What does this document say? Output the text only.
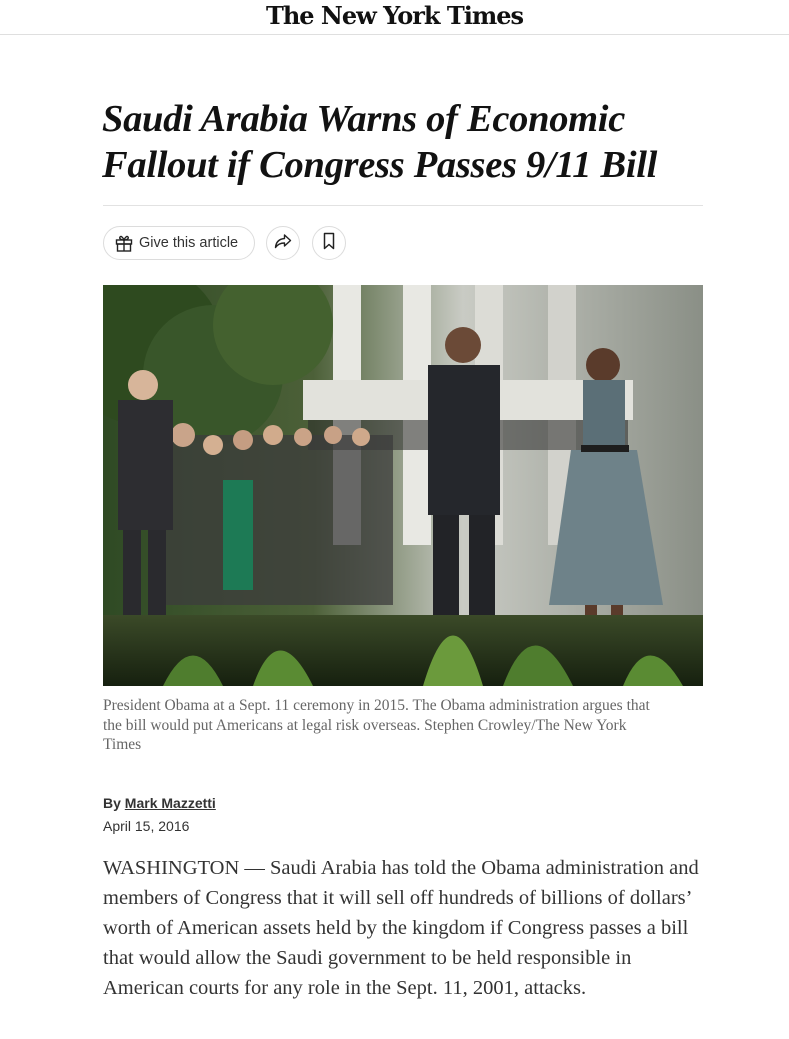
The New York Times
Saudi Arabia Warns of Economic Fallout if Congress Passes 9/11 Bill
Give this article

President Obama at a Sept. 11 ceremony in 2015. The Obama administration argues that the bill would put Americans at legal risk overseas. Stephen Crowley/The New York Times

By Mark Mazzetti
April 15, 2016

WASHINGTON — Saudi Arabia has told the Obama administration and members of Congress that it will sell off hundreds of billions of dollars’ worth of American assets held by the kingdom if Congress passes a bill that would allow the Saudi government to be held responsible in American courts for any role in the Sept. 11, 2001, attacks.
